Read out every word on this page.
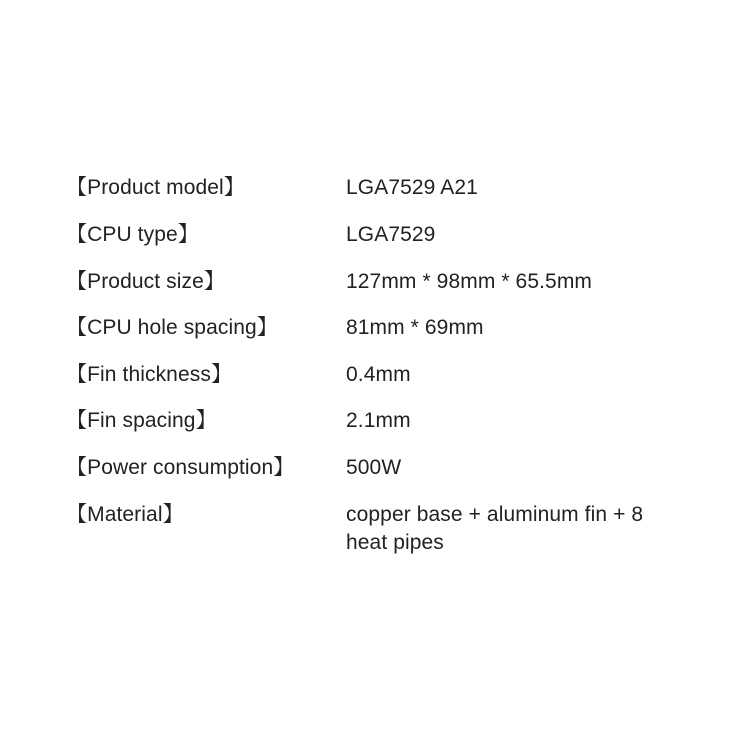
【Product model】	LGA7529 A21
【CPU type】	LGA7529
【Product size】	127mm * 98mm * 65.5mm
【CPU hole spacing】	81mm * 69mm
【Fin thickness】	0.4mm
【Fin spacing】	2.1mm
【Power consumption】 500W
【Material】	copper base + aluminum fin + 8 heat pipes
